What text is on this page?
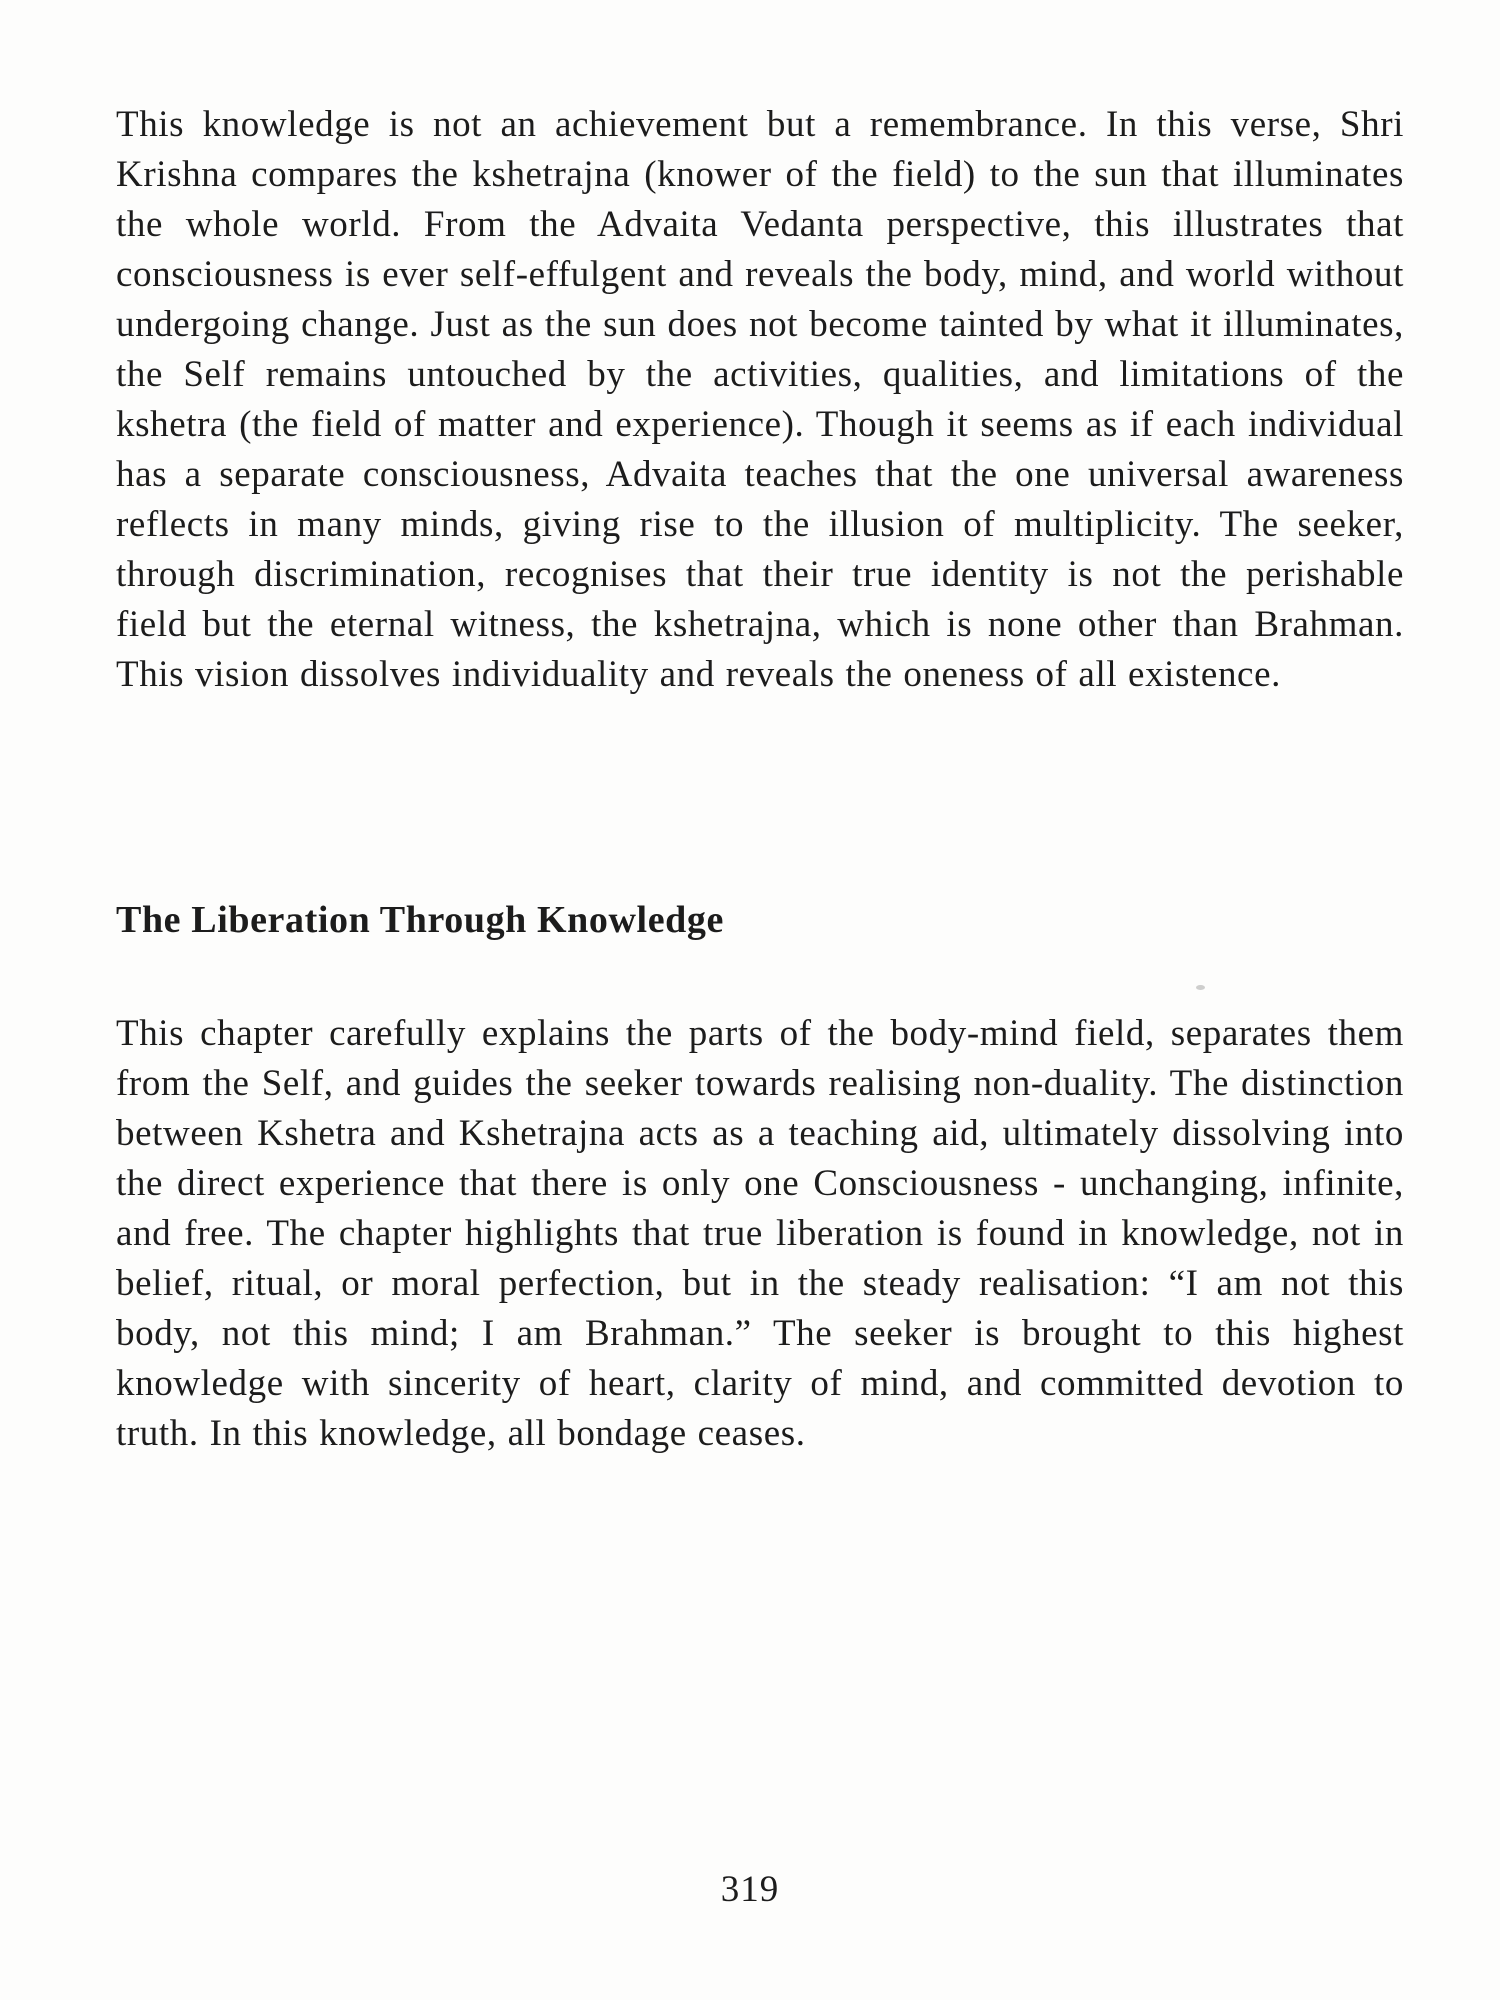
This knowledge is not an achievement but a remembrance. In this verse, Shri Krishna compares the kshetrajna (knower of the field) to the sun that illuminates the whole world. From the Advaita Vedanta perspective, this illustrates that consciousness is ever self-effulgent and reveals the body, mind, and world without undergoing change. Just as the sun does not become tainted by what it illuminates, the Self remains untouched by the activities, qualities, and limitations of the kshetra (the field of matter and experience). Though it seems as if each individual has a separate consciousness, Advaita teaches that the one universal awareness reflects in many minds, giving rise to the illusion of multiplicity. The seeker, through discrimination, recognises that their true identity is not the perishable field but the eternal witness, the kshetrajna, which is none other than Brahman. This vision dissolves individuality and reveals the oneness of all existence.

The Liberation Through Knowledge

This chapter carefully explains the parts of the body-mind field, separates them from the Self, and guides the seeker towards realising non-duality. The distinction between Kshetra and Kshetrajna acts as a teaching aid, ultimately dissolving into the direct experience that there is only one Consciousness - unchanging, infinite, and free. The chapter highlights that true liberation is found in knowledge, not in belief, ritual, or moral perfection, but in the steady realisation: “I am not this body, not this mind; I am Brahman.” The seeker is brought to this highest knowledge with sincerity of heart, clarity of mind, and committed devotion to truth. In this knowledge, all bondage ceases.

319
